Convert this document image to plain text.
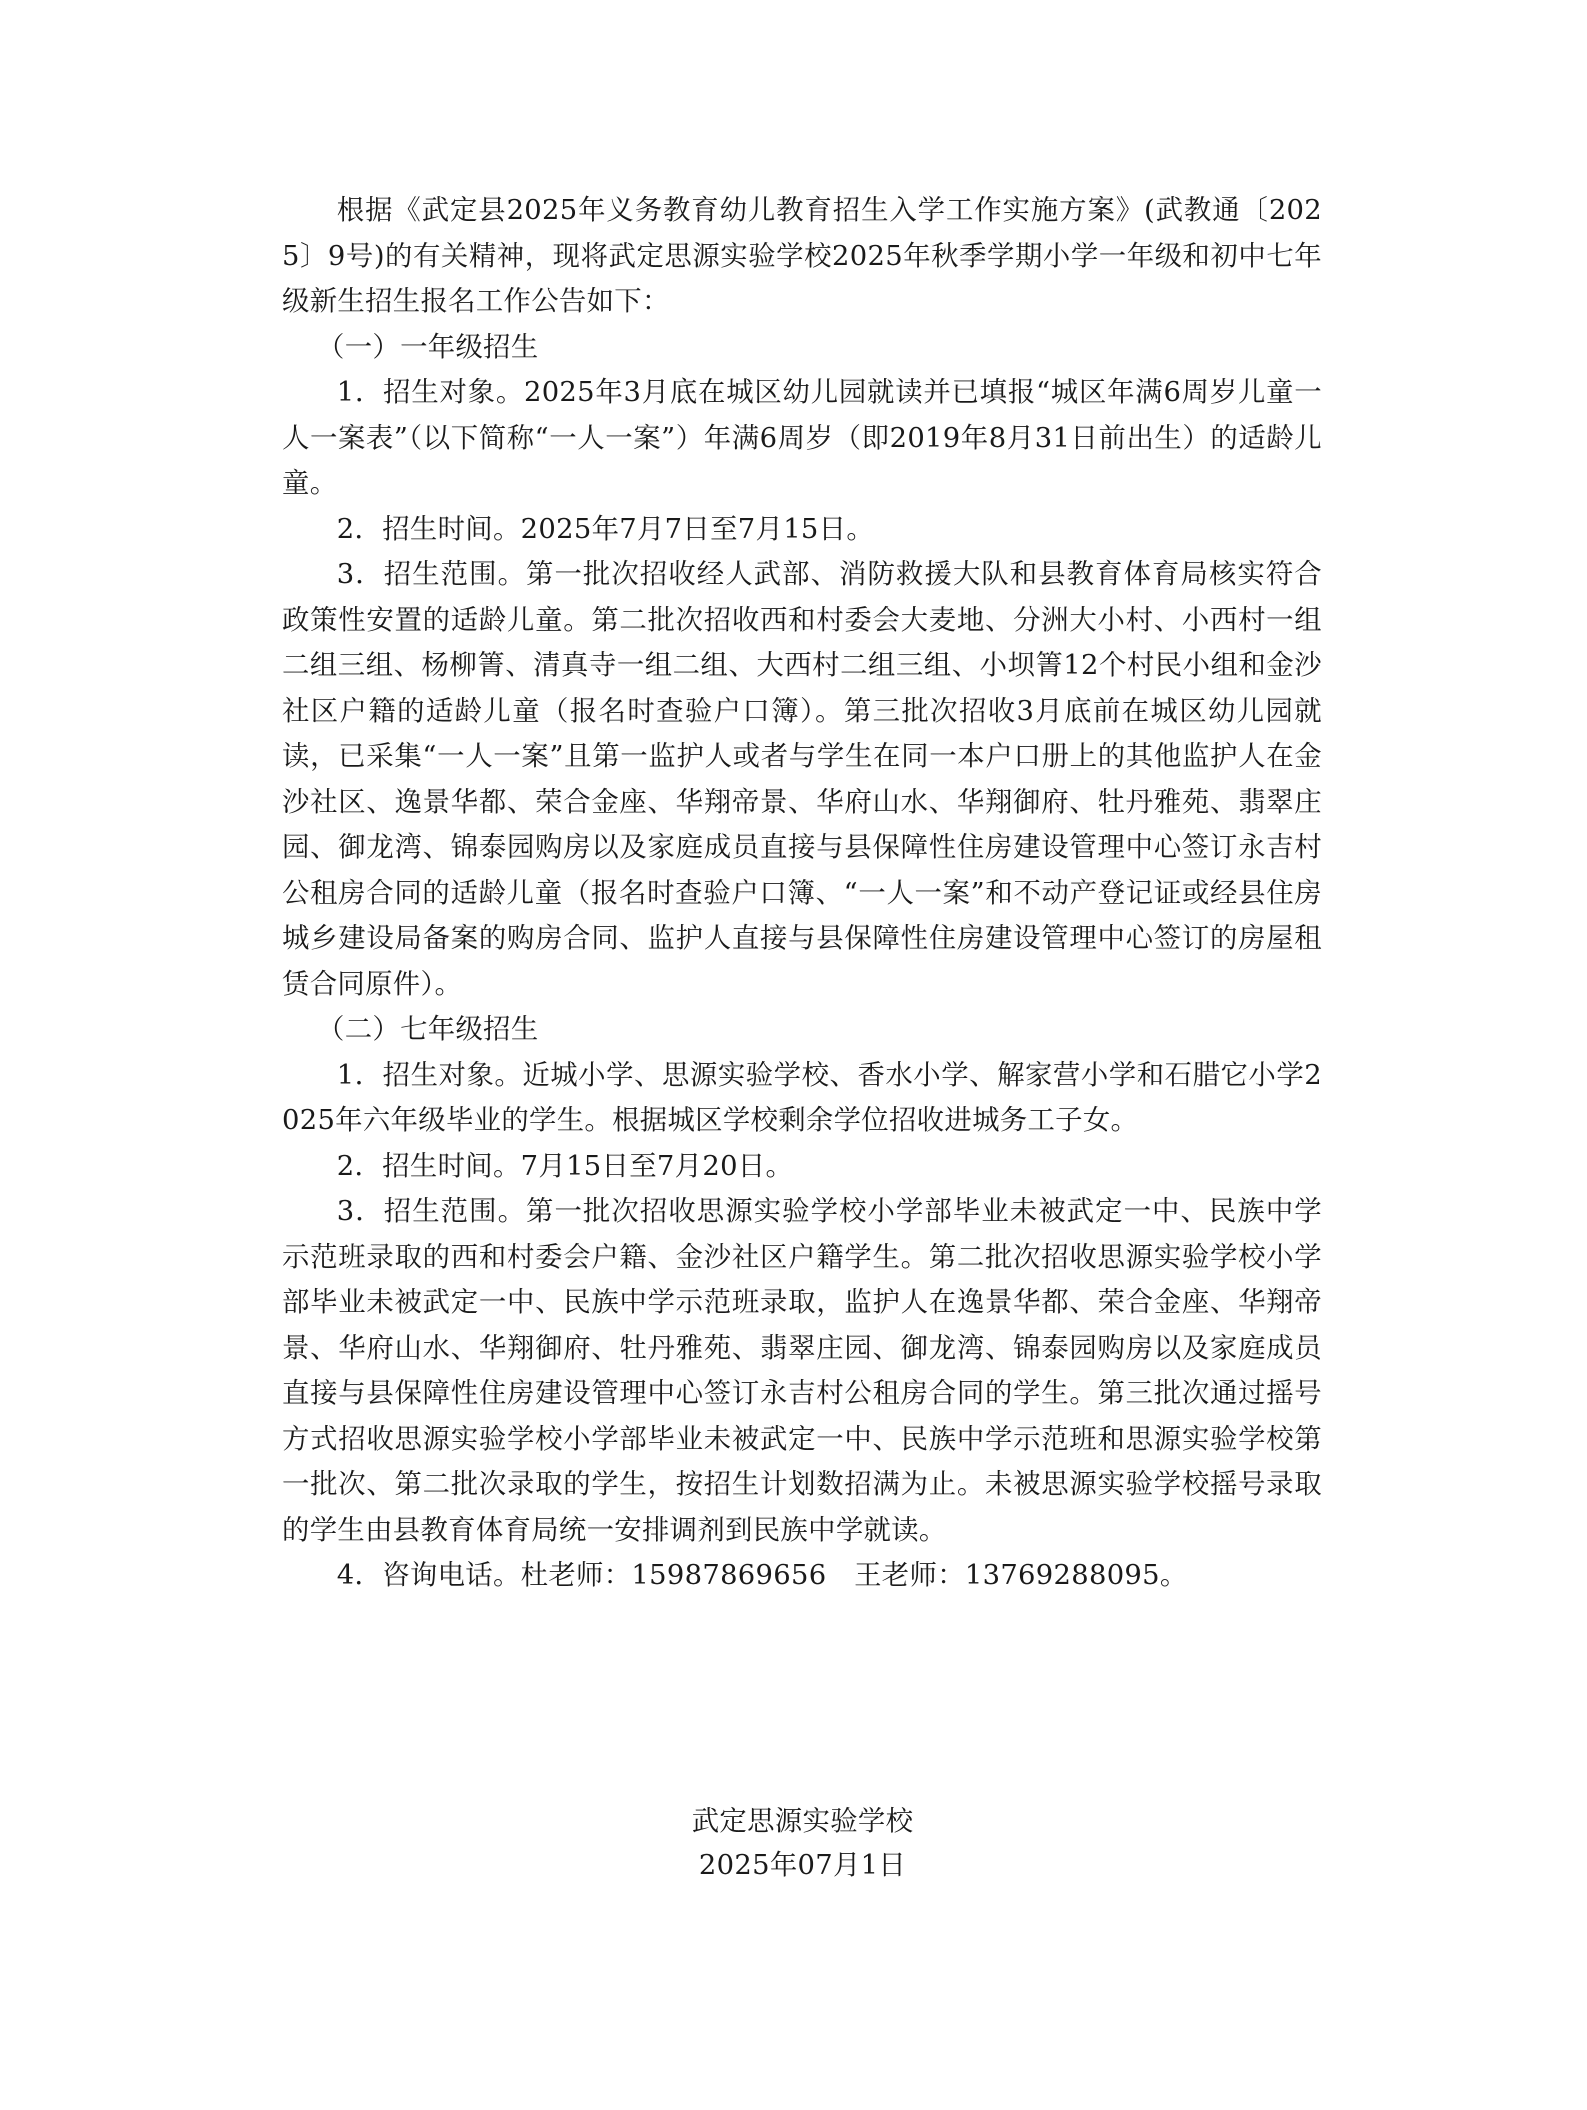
根据《武定县2025年义务教育幼儿教育招生入学工作实施方案》(武教通〔2025〕9号)的有关精神，现将武定思源实验学校2025年秋季学期小学一年级和初中七年级新生招生报名工作公告如下：

（一）一年级招生

1．招生对象。2025年3月底在城区幼儿园就读并已填报“城区年满6周岁儿童一人一案表”（以下简称“一人一案”）年满6周岁（即2019年8月31日前出生）的适龄儿童。

2．招生时间。2025年7月7日至7月15日。

3．招生范围。第一批次招收经人武部、消防救援大队和县教育体育局核实符合政策性安置的适龄儿童。第二批次招收西和村委会大麦地、分洲大小村、小西村一组二组三组、杨柳箐、清真寺一组二组、大西村二组三组、小坝箐12个村民小组和金沙社区户籍的适龄儿童（报名时查验户口簿）。第三批次招收3月底前在城区幼儿园就读，已采集“一人一案”且第一监护人或者与学生在同一本户口册上的其他监护人在金沙社区、逸景华都、荣合金座、华翔帝景、华府山水、华翔御府、牡丹雅苑、翡翠庄园、御龙湾、锦泰园购房以及家庭成员直接与县保障性住房建设管理中心签订永吉村公租房合同的适龄儿童（报名时查验户口簿、“一人一案”和不动产登记证或经县住房城乡建设局备案的购房合同、监护人直接与县保障性住房建设管理中心签订的房屋租赁合同原件）。

（二）七年级招生

1．招生对象。近城小学、思源实验学校、香水小学、解家营小学和石腊它小学2025年六年级毕业的学生。根据城区学校剩余学位招收进城务工子女。

2．招生时间。7月15日至7月20日。

3．招生范围。第一批次招收思源实验学校小学部毕业未被武定一中、民族中学示范班录取的西和村委会户籍、金沙社区户籍学生。第二批次招收思源实验学校小学部毕业未被武定一中、民族中学示范班录取，监护人在逸景华都、荣合金座、华翔帝景、华府山水、华翔御府、牡丹雅苑、翡翠庄园、御龙湾、锦泰园购房以及家庭成员直接与县保障性住房建设管理中心签订永吉村公租房合同的学生。第三批次通过摇号方式招收思源实验学校小学部毕业未被武定一中、民族中学示范班和思源实验学校第一批次、第二批次录取的学生，按招生计划数招满为止。未被思源实验学校摇号录取的学生由县教育体育局统一安排调剂到民族中学就读。

4．咨询电话。杜老师：15987869656　王老师：13769288095。

武定思源实验学校
2025年07月1日
